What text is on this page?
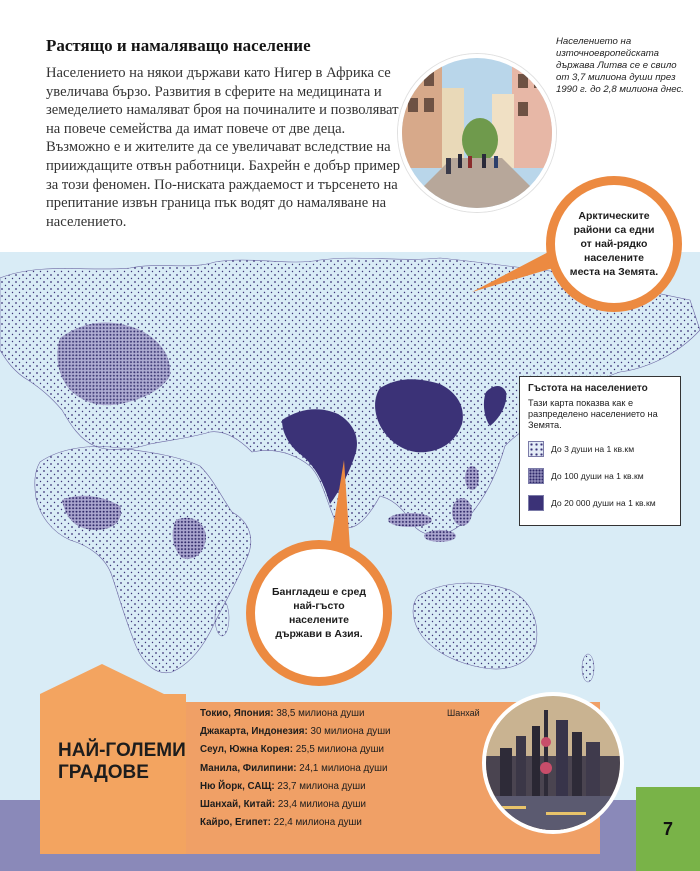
7
Растящо и намаляващо население

Населението на някои държави като Нигер в Африка се увеличава бързо. Развития в сферите на медицината и земеделието намаляват броя на починалите и позволяват на повече семейства да имат повече от две деца. Възможно е и жителите да се увеличават вследствие на прииждащите отвън работници. Бахрейн е добър пример за този феномен. По-ниската раждаемост и търсенето на препитание извън граница пък водят до намаляване на населението.

Населението на източноевропейската държава Литва се е свило от 3,7 милиона души през 1990 г. до 2,8 милиона днес.

Арктическите райони са едни от най-рядко населените места на Земята.
Бангладеш е сред най-гъсто населените държави в Азия.

Гъстота на населението

Тази карта показва как е разпределено населението на Земята.

До 3 души на 1 кв.км
До 100 души на 1 кв.км
До 20 000 души на 1 кв.км
НАЙ-ГОЛЕМИ ГРАДОВЕ
Токио, Япония: 38,5 милиона души
Джакарта, Индонезия: 30 милиона души
Сеул, Южна Корея: 25,5 милиона души
Манила, Филипини: 24,1 милиона души
Ню Йорк, САЩ: 23,7 милиона души
Шанхай, Китай: 23,4 милиона души
Кайро, Египет: 22,4 милиона души
Шанхай
